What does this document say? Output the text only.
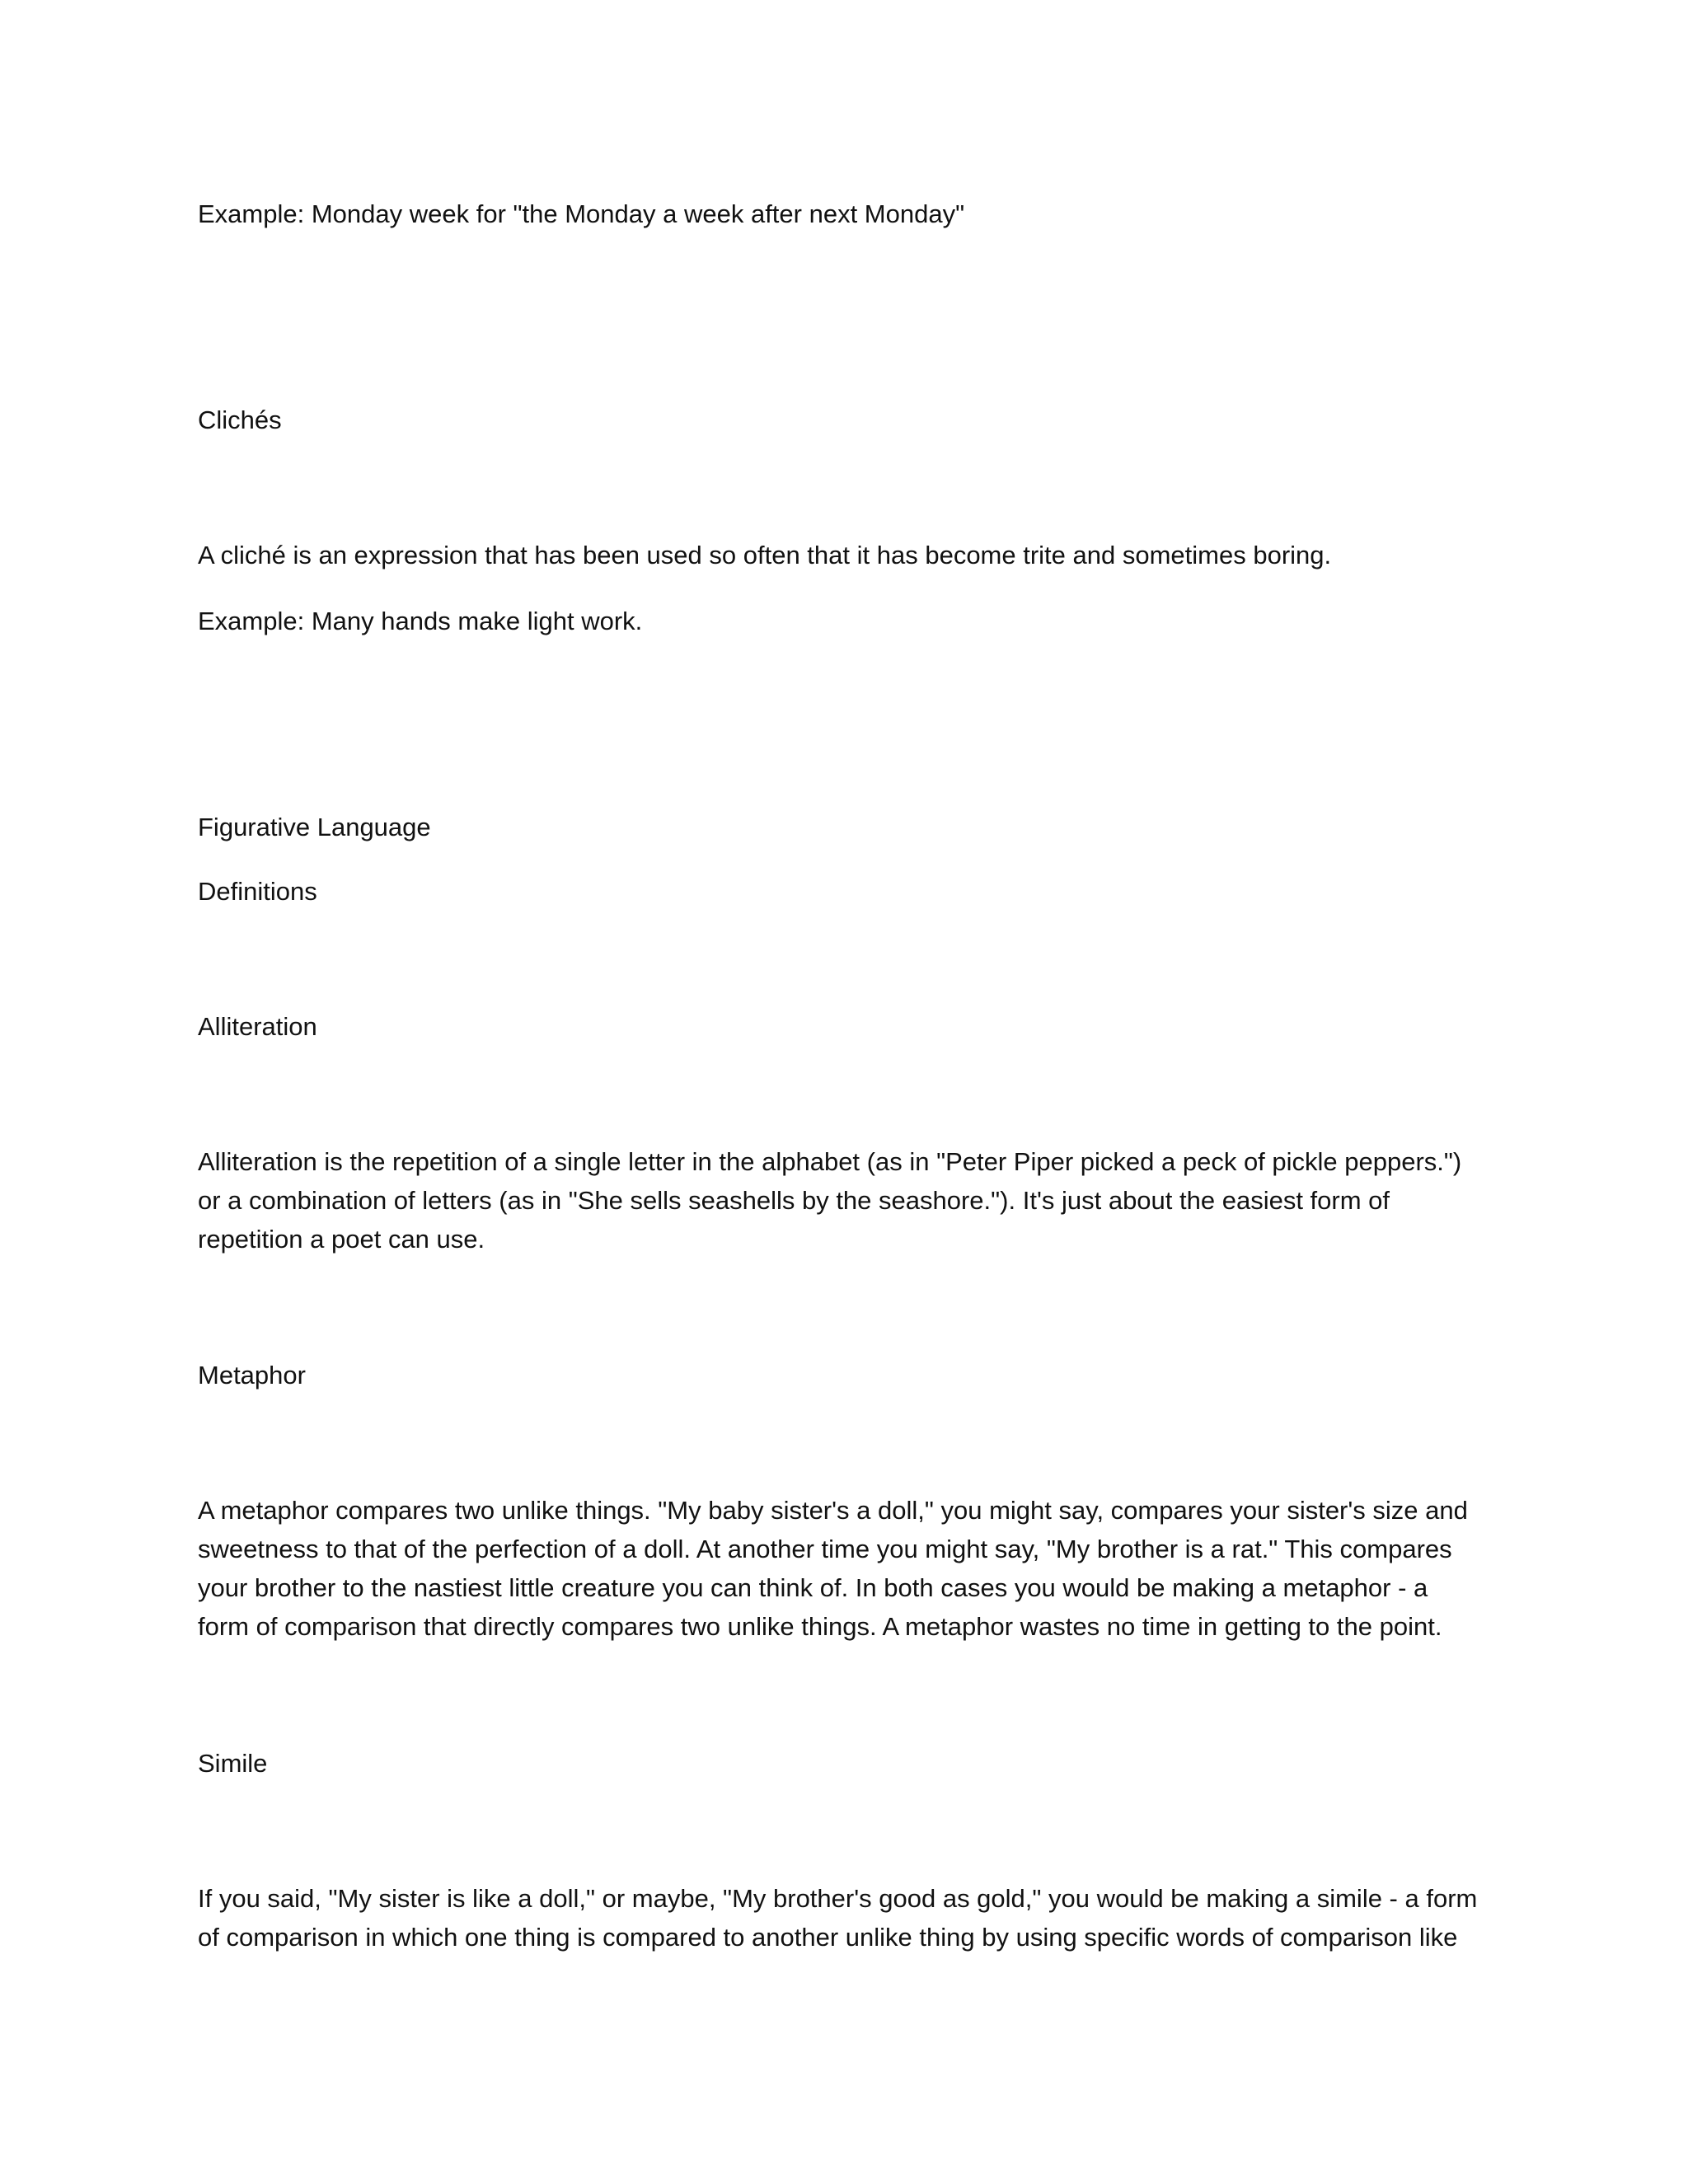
Example: Monday week for "the Monday a week after next Monday"

Clichés

A cliché is an expression that has been used so often that it has become trite and sometimes boring.

Example: Many hands make light work.

Figurative Language

Definitions

Alliteration

Alliteration is the repetition of a single letter in the alphabet (as in "Peter Piper picked a peck of pickle peppers.")
or a combination of letters (as in "She sells seashells by the seashore."). It's just about the easiest form of
repetition a poet can use.

Metaphor

A metaphor compares two unlike things. "My baby sister's a doll," you might say, compares your sister's size and
sweetness to that of the perfection of a doll. At another time you might say, "My brother is a rat." This compares
your brother to the nastiest little creature you can think of. In both cases you would be making a metaphor - a
form of comparison that directly compares two unlike things. A metaphor wastes no time in getting to the point.

Simile

If you said, "My sister is like a doll," or maybe, "My brother's good as gold," you would be making a simile - a form
of comparison in which one thing is compared to another unlike thing by using specific words of comparison like
